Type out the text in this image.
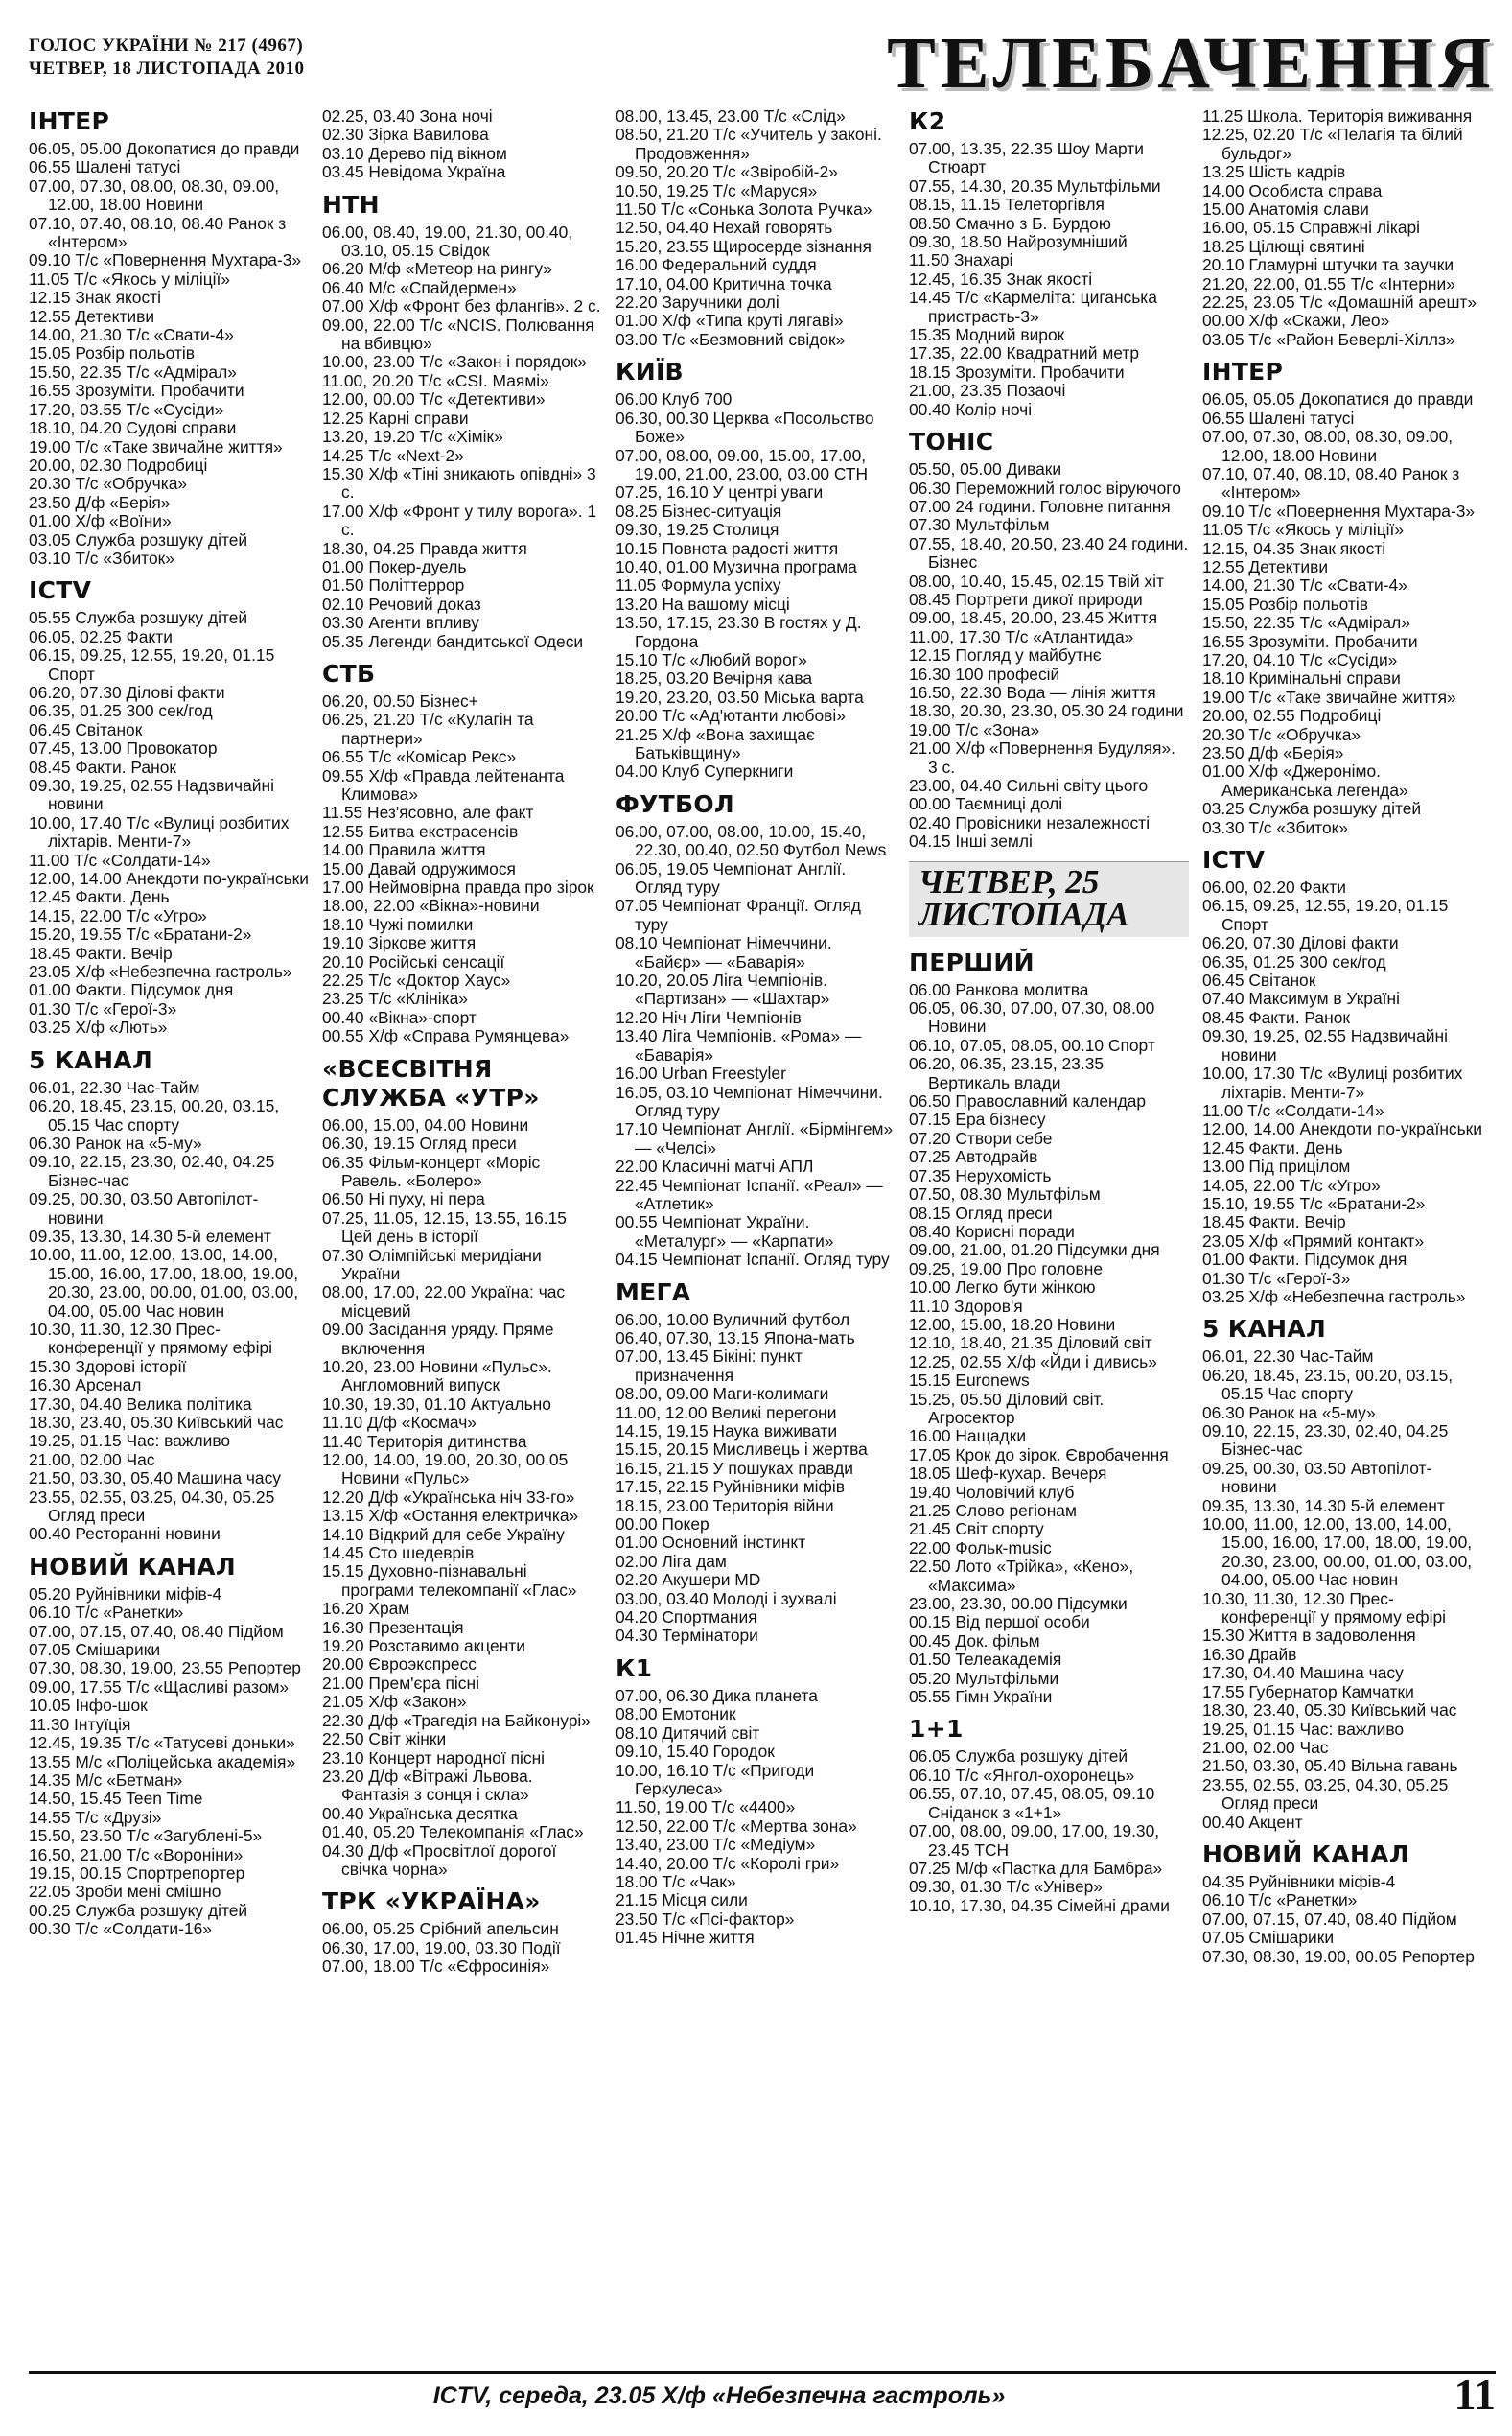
ГОЛОС УКРАЇНИ № 217 (4967)
ЧЕТВЕР, 18 ЛИСТОПАДА 2010	ТЕЛЕБАЧЕННЯ
ІНТЕР
06.05, 05.00 Докопатися до правди
06.55 Шалені татусі
07.00, 07.30, 08.00, 08.30, 09.00, 12.00, 18.00 Новини
07.10, 07.40, 08.10, 08.40 Ранок з «Інтером»
09.10 Т/с «Повернення Мухтара-3»
11.05 Т/с «Якось у міліції»
12.15 Знак якості
12.55 Детективи
14.00, 21.30 Т/с «Свати-4»
15.05 Розбір польотів
15.50, 22.35 Т/с «Адмірал»
16.55 Зрозуміти. Пробачити
17.20, 03.55 Т/с «Сусіди»
18.10, 04.20 Судові справи
19.00 Т/с «Таке звичайне життя»
20.00, 02.30 Подробиці
20.30 Т/с «Обручка»
23.50 Д/ф «Берія»
01.00 Х/ф «Воїни»
03.05 Служба розшуку дітей
03.10 Т/с «Збиток»
ICTV
05.55 Служба розшуку дітей
06.05, 02.25 Факти
06.15, 09.25, 12.55, 19.20, 01.15 Спорт
06.20, 07.30 Ділові факти
06.35, 01.25 300 сек/год
06.45 Світанок
07.45, 13.00 Провокатор
08.45 Факти. Ранок
09.30, 19.25, 02.55 Надзвичайні новини
10.00, 17.40 Т/с «Вулиці розбитих ліхтарів. Менти-7»
11.00 Т/с «Солдати-14»
12.00, 14.00 Анекдоти по-українськи
12.45 Факти. День
14.15, 22.00 Т/с «Угро»
15.20, 19.55 Т/с «Братани-2»
18.45 Факти. Вечір
23.05 Х/ф «Небезпечна гастроль»
01.00 Факти. Підсумок дня
01.30 Т/с «Герої-3»
03.25 Х/ф «Лють»
5 КАНАЛ
06.01, 22.30 Час-Тайм
06.20, 18.45, 23.15, 00.20, 03.15, 05.15 Час спорту
06.30 Ранок на «5-му»
09.10, 22.15, 23.30, 02.40, 04.25 Бізнес-час
09.25, 00.30, 03.50 Автопілот-новини
09.35, 13.30, 14.30 5-й елемент
10.00, 11.00, 12.00, 13.00, 14.00, 15.00, 16.00, 17.00, 18.00, 19.00, 20.30, 23.00, 00.00, 01.00, 03.00, 04.00, 05.00 Час новин
10.30, 11.30, 12.30 Прес-конференції у прямому ефірі
15.30 Здорові історії
16.30 Арсенал
17.30, 04.40 Велика політика
18.30, 23.40, 05.30 Київський час
19.25, 01.15 Час: важливо
21.00, 02.00 Час
21.50, 03.30, 05.40 Машина часу
23.55, 02.55, 03.25, 04.30, 05.25 Огляд преси
00.40 Ресторанні новини
НОВИЙ КАНАЛ
05.20 Руйнівники міфів-4
06.10 Т/с «Ранетки»
07.00, 07.15, 07.40, 08.40 Підйом
07.05 Смішарики
07.30, 08.30, 19.00, 23.55 Репортер
09.00, 17.55 Т/с «Щасливі разом»
10.05 Інфо-шок
11.30 Інтуїція
12.45, 19.35 Т/с «Татусеві доньки»
13.55 М/с «Поліцейська академія»
14.35 М/с «Бетман»
14.50, 15.45 Teen Time
14.55 Т/с «Друзі»
15.50, 23.50 Т/с «Загублені-5»
16.50, 21.00 Т/с «Вороніни»
19.15, 00.15 Спортрепортер
22.05 Зроби мені смішно
00.25 Служба розшуку дітей
00.30 Т/с «Солдати-16»
02.25, 03.40 Зона ночі
02.30 Зірка Вавилова
03.10 Дерево під вікном
03.45 Невідома Україна
НТН
06.00, 08.40, 19.00, 21.30, 00.40, 03.10, 05.15 Свідок
06.20 М/ф «Метеор на рингу»
06.40 М/с «Спайдермен»
07.00 Х/ф «Фронт без флангів». 2 с.
09.00, 22.00 Т/с «NCIS. Полювання на вбивцю»
10.00, 23.00 Т/с «Закон і порядок»
11.00, 20.20 Т/с «CSI. Маямі»
12.00, 00.00 Т/с «Детективи»
12.25 Карні справи
13.20, 19.20 Т/с «Хімік»
14.25 Т/с «Next-2»
15.30 Х/ф «Тіні зникають опівдні» 3 с.
17.00 Х/ф «Фронт у тилу ворога». 1 с.
18.30, 04.25 Правда життя
01.00 Покер-дуель
01.50 Політтеррор
02.10 Речовий доказ
03.30 Агенти впливу
05.35 Легенди бандитської Одеси
СТБ
06.20, 00.50 Бізнес+
06.25, 21.20 Т/с «Кулагін та партнери»
06.55 Т/с «Комісар Рекс»
09.55 Х/ф «Правда лейтенанта Климова»
11.55 Нез'ясовно, але факт
12.55 Битва екстрасенсів
14.00 Правила життя
15.00 Давай одружимося
17.00 Неймовірна правда про зірок
18.00, 22.00 «Вікна»-новини
18.10 Чужі помилки
19.10 Зіркове життя
20.10 Російські сенсації
22.25 Т/с «Доктор Хаус»
23.25 Т/с «Клініка»
00.40 «Вікна»-спорт
00.55 Х/ф «Справа Румянцева»
«ВСЕСВІТНЯ СЛУЖБА «УТР»
06.00, 15.00, 04.00 Новини
06.30, 19.15 Огляд преси
06.35 Фільм-концерт «Моріс Равель. «Болеро»
06.50 Ні пуху, ні пера
07.25, 11.05, 12.15, 13.55, 16.15 Цей день в історії
07.30 Олімпійські меридіани України
08.00, 17.00, 22.00 Україна: час місцевий
09.00 Засідання уряду. Пряме включення
10.20, 23.00 Новини «Пульс». Англомовний випуск
10.30, 19.30, 01.10 Актуально
11.10 Д/ф «Космач»
11.40 Територія дитинства
12.00, 14.00, 19.00, 20.30, 00.05 Новини «Пульс»
12.20 Д/ф «Українська ніч 33-го»
13.15 Х/ф «Остання електричка»
14.10 Відкрий для себе Україну
14.45 Сто шедеврів
15.15 Духовно-пізнавальні програми телекомпанії «Глас»
16.20 Храм
16.30 Презентація
19.20 Розставимо акценти
20.00 Євроэкспресс
21.00 Прем'єра пісні
21.05 Х/ф «Закон»
22.30 Д/ф «Трагедія на Байконурі»
22.50 Світ жінки
23.10 Концерт народної пісні
23.20 Д/ф «Вітражі Львова. Фантазія з сонця і скла»
00.40 Українська десятка
01.40, 05.20 Телекомпанія «Глас»
04.30 Д/ф «Просвітлої дорогої свічка чорна»
ТРК «УКРАЇНА»
06.00, 05.25 Срібний апельсин
06.30, 17.00, 19.00, 03.30 Події
07.00, 18.00 Т/с «Єфросинія»
08.00, 13.45, 23.00 Т/с «Слід»
08.50, 21.20 Т/с «Учитель у законі. Продовження»
09.50, 20.20 Т/с «Звіробій-2»
10.50, 19.25 Т/с «Маруся»
11.50 Т/с «Сонька Золота Ручка»
12.50, 04.40 Нехай говорять
15.20, 23.55 Щиросерде зізнання
16.00 Федеральний суддя
17.10, 04.00 Критична точка
22.20 Заручники долі
01.00 Х/ф «Типа круті лягаві»
03.00 Т/с «Безмовний свідок»
КИЇВ
06.00 Клуб 700
06.30, 00.30 Церква «Посольство Боже»
07.00, 08.00, 09.00, 15.00, 17.00, 19.00, 21.00, 23.00, 03.00 СТН
07.25, 16.10 У центрі уваги
08.25 Бізнес-ситуація
09.30, 19.25 Столиця
10.15 Повнота радості життя
10.40, 01.00 Музична програма
11.05 Формула успіху
13.20 На вашому місці
13.50, 17.15, 23.30 В гостях у Д. Гордона
15.10 Т/с «Любий ворог»
18.25, 03.20 Вечірня кава
19.20, 23.20, 03.50 Міська варта
20.00 Т/с «Ад'ютанти любові»
21.25 Х/ф «Вона захищає Батьківщину»
04.00 Клуб Суперкниги
ФУТБОЛ
06.00, 07.00, 08.00, 10.00, 15.40, 22.30, 00.40, 02.50 Футбол News
06.05, 19.05 Чемпіонат Англії. Огляд туру
07.05 Чемпіонат Франції. Огляд туру
08.10 Чемпіонат Німеччини. «Байєр» — «Баварія»
10.20, 20.05 Ліга Чемпіонів. «Партизан» — «Шахтар»
12.20 Ніч Ліги Чемпіонів
13.40 Ліга Чемпіонів. «Рома» — «Баварія»
16.00 Urban Freestyler
16.05, 03.10 Чемпіонат Німеччини. Огляд туру
17.10 Чемпіонат Англії. «Бірмінгем» — «Челсі»
22.00 Класичні матчі АПЛ
22.45 Чемпіонат Іспанії. «Реал» — «Атлетик»
00.55 Чемпіонат України. «Металург» — «Карпати»
04.15 Чемпіонат Іспанії. Огляд туру
МЕГА
06.00, 10.00 Вуличний футбол
06.40, 07.30, 13.15 Япона-мать
07.00, 13.45 Бікіні: пункт призначення
08.00, 09.00 Маги-колимаги
11.00, 12.00 Великі перегони
14.15, 19.15 Наука виживати
15.15, 20.15 Мисливець і жертва
16.15, 21.15 У пошуках правди
17.15, 22.15 Руйнівники міфів
18.15, 23.00 Територія війни
00.00 Покер
01.00 Основний інстинкт
02.00 Ліга дам
02.20 Акушери MD
03.00, 03.40 Молоді і зухвалі
04.20 Спортмания
04.30 Термінатори
К1
07.00, 06.30 Дика планета
08.00 Емотоник
08.10 Дитячий світ
09.10, 15.40 Городок
10.00, 16.10 Т/с «Пригоди Геркулеса»
11.50, 19.00 Т/с «4400»
12.50, 22.00 Т/с «Мертва зона»
13.40, 23.00 Т/с «Медіум»
14.40, 20.00 Т/с «Королі гри»
18.00 Т/с «Чак»
21.15 Місця сили
23.50 Т/с «Псі-фактор»
01.45 Нічне життя
К2
07.00, 13.35, 22.35 Шоу Марти Стюарт
07.55, 14.30, 20.35 Мультфільми
08.15, 11.15 Телеторгівля
08.50 Смачно з Б. Бурдою
09.30, 18.50 Найрозумніший
11.50 Знахарі
12.45, 16.35 Знак якості
14.45 Т/с «Кармеліта: циганська пристрасть-3»
15.35 Модний вирок
17.35, 22.00 Квадратний метр
18.15 Зрозуміти. Пробачити
21.00, 23.35 Позаочі
00.40 Колір ночі
ТОНІС
05.50, 05.00 Диваки
06.30 Переможний голос віруючого
07.00 24 години. Головне питання
07.30 Мультфільм
07.55, 18.40, 20.50, 23.40 24 години. Бізнес
08.00, 10.40, 15.45, 02.15 Твій хіт
08.45 Портрети дикої природи
09.00, 18.45, 20.00, 23.45 Життя
11.00, 17.30 Т/с «Атлантида»
12.15 Погляд у майбутнє
16.30 100 професій
16.50, 22.30 Вода — лінія життя
18.30, 20.30, 23.30, 05.30 24 години
19.00 Т/с «Зона»
21.00 Х/ф «Повернення Будуляя». 3 с.
23.00, 04.40 Сильні світу цього
00.00 Таємниці долі
02.40 Провісники незалежності
04.15 Інші землі
ЧЕТВЕР, 25 ЛИСТОПАДА
ПЕРШИЙ
06.00 Ранкова молитва
06.05, 06.30, 07.00, 07.30, 08.00 Новини
06.10, 07.05, 08.05, 00.10 Спорт
06.20, 06.35, 23.15, 23.35 Вертикаль влади
06.50 Православний календар
07.15 Ера бізнесу
07.20 Створи себе
07.25 Автодрайв
07.35 Нерухомість
07.50, 08.30 Мультфільм
08.15 Огляд преси
08.40 Корисні поради
09.00, 21.00, 01.20 Підсумки дня
09.25, 19.00 Про головне
10.00 Легко бути жінкою
11.10 Здоров'я
12.00, 15.00, 18.20 Новини
12.10, 18.40, 21.35 Діловий світ
12.25, 02.55 Х/ф «Йди і дивись»
15.15 Euronews
15.25, 05.50 Діловий світ. Агросектор
16.00 Нащадки
17.05 Крок до зірок. Євробачення
18.05 Шеф-кухар. Вечеря
19.40 Чоловічий клуб
21.25 Слово регіонам
21.45 Світ спорту
22.00 Фольк-music
22.50 Лото «Трійка», «Кено», «Максима»
23.00, 23.30, 00.00 Підсумки
00.15 Від першої особи
00.45 Док. фільм
01.50 Телеакадемія
05.20 Мультфільми
05.55 Гімн України
1+1
06.05 Служба розшуку дітей
06.10 Т/с «Янгол-охоронець»
06.55, 07.10, 07.45, 08.05, 09.10 Сніданок з «1+1»
07.00, 08.00, 09.00, 17.00, 19.30, 23.45 ТСН
07.25 М/ф «Пастка для Бамбра»
09.30, 01.30 Т/с «Універ»
10.10, 17.30, 04.35 Сімейні драми
11.25 Школа. Територія виживання
12.25, 02.20 Т/с «Пелагія та білий бульдог»
13.25 Шість кадрів
14.00 Особиста справа
15.00 Анатомія слави
16.00, 05.15 Справжні лікарі
18.25 Цілющі святині
20.10 Гламурні штучки та заучки
21.20, 22.00, 01.55 Т/с «Інтерни»
22.25, 23.05 Т/с «Домашній арешт»
00.00 Х/ф «Скажи, Лео»
03.05 Т/с «Район Беверлі-Хіллз»
ІНТЕР
06.05, 05.05 Докопатися до правди
06.55 Шалені татусі
07.00, 07.30, 08.00, 08.30, 09.00, 12.00, 18.00 Новини
07.10, 07.40, 08.10, 08.40 Ранок з «Інтером»
09.10 Т/с «Повернення Мухтара-3»
11.05 Т/с «Якось у міліції»
12.15, 04.35 Знак якості
12.55 Детективи
14.00, 21.30 Т/с «Свати-4»
15.05 Розбір польотів
15.50, 22.35 Т/с «Адмірал»
16.55 Зрозуміти. Пробачити
17.20, 04.10 Т/с «Сусіди»
18.10 Кримінальні справи
19.00 Т/с «Таке звичайне життя»
20.00, 02.55 Подробиці
20.30 Т/с «Обручка»
23.50 Д/ф «Берія»
01.00 Х/ф «Джеронімо. Американська легенда»
03.25 Служба розшуку дітей
03.30 Т/с «Збиток»
ICTV
06.00, 02.20 Факти
06.15, 09.25, 12.55, 19.20, 01.15 Спорт
06.20, 07.30 Ділові факти
06.35, 01.25 300 сек/год
06.45 Світанок
07.40 Максимум в Україні
08.45 Факти. Ранок
09.30, 19.25, 02.55 Надзвичайні новини
10.00, 17.30 Т/с «Вулиці розбитих ліхтарів. Менти-7»
11.00 Т/с «Солдати-14»
12.00, 14.00 Анекдоти по-українськи
12.45 Факти. День
13.00 Під прицілом
14.05, 22.00 Т/с «Угро»
15.10, 19.55 Т/с «Братани-2»
18.45 Факти. Вечір
23.05 Х/ф «Прямий контакт»
01.00 Факти. Підсумок дня
01.30 Т/с «Герої-3»
03.25 Х/ф «Небезпечна гастроль»
5 КАНАЛ
06.01, 22.30 Час-Тайм
06.20, 18.45, 23.15, 00.20, 03.15, 05.15 Час спорту
06.30 Ранок на «5-му»
09.10, 22.15, 23.30, 02.40, 04.25 Бізнес-час
09.25, 00.30, 03.50 Автопілот-новини
09.35, 13.30, 14.30 5-й елемент
10.00, 11.00, 12.00, 13.00, 14.00, 15.00, 16.00, 17.00, 18.00, 19.00, 20.30, 23.00, 00.00, 01.00, 03.00, 04.00, 05.00 Час новин
10.30, 11.30, 12.30 Прес-конференції у прямому ефірі
15.30 Життя в задоволення
16.30 Драйв
17.30, 04.40 Машина часу
17.55 Губернатор Камчатки
18.30, 23.40, 05.30 Київський час
19.25, 01.15 Час: важливо
21.00, 02.00 Час
21.50, 03.30, 05.40 Вільна гавань
23.55, 02.55, 03.25, 04.30, 05.25 Огляд преси
00.40 Акцент
НОВИЙ КАНАЛ
04.35 Руйнівники міфів-4
06.10 Т/с «Ранетки»
07.00, 07.15, 07.40, 08.40 Підйом
07.05 Смішарики
07.30, 08.30, 19.00, 00.05 Репортер
ICTV, середа, 23.05 Х/ф «Небезпечна гастроль»	11
